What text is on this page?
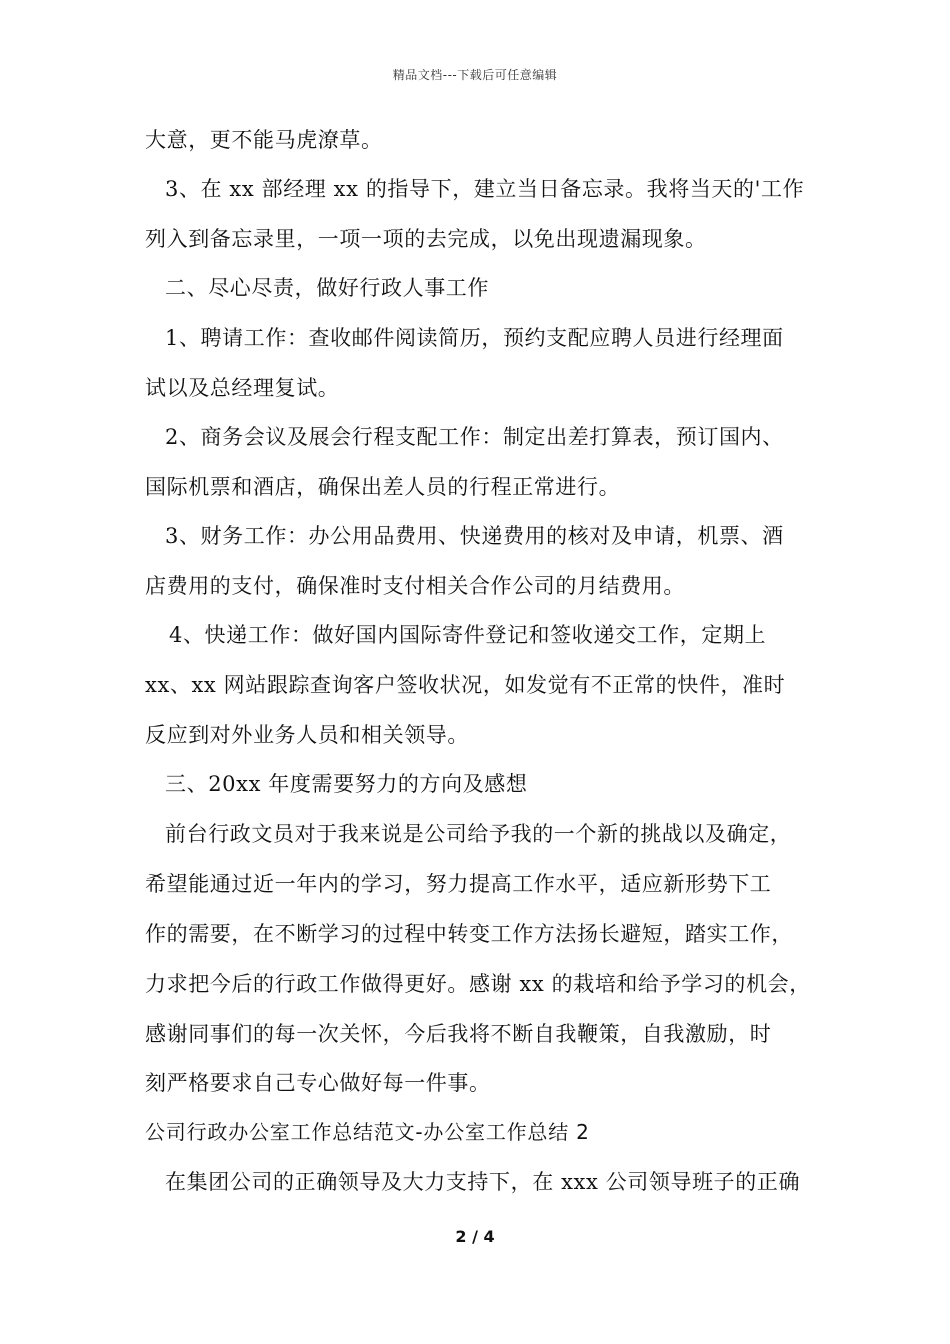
精品文档---下载后可任意编辑
大意，更不能马虎潦草。
3、在 xx 部经理 xx 的指导下，建立当日备忘录。我将当天的'工作
列入到备忘录里，一项一项的去完成，以免出现遗漏现象。
二、尽心尽责，做好行政人事工作
1、聘请工作：查收邮件阅读简历，预约支配应聘人员进行经理面
试以及总经理复试。
2、商务会议及展会行程支配工作：制定出差打算表，预订国内、
国际机票和酒店，确保出差人员的行程正常进行。
3、财务工作：办公用品费用、快递费用的核对及申请，机票、酒
店费用的支付，确保准时支付相关合作公司的月结费用。
4、快递工作：做好国内国际寄件登记和签收递交工作，定期上
xx、xx 网站跟踪查询客户签收状况，如发觉有不正常的快件，准时
反应到对外业务人员和相关领导。
三、20xx 年度需要努力的方向及感想
前台行政文员对于我来说是公司给予我的一个新的挑战以及确定，
希望能通过近一年内的学习，努力提高工作水平，适应新形势下工
作的需要，在不断学习的过程中转变工作方法扬长避短，踏实工作，
力求把今后的行政工作做得更好。感谢 xx 的栽培和给予学习的机会，
感谢同事们的每一次关怀，今后我将不断自我鞭策，自我激励，时
刻严格要求自己专心做好每一件事。
公司行政办公室工作总结范文-办公室工作总结 2
在集团公司的正确领导及大力支持下，在 xxx 公司领导班子的正确
2 / 4
